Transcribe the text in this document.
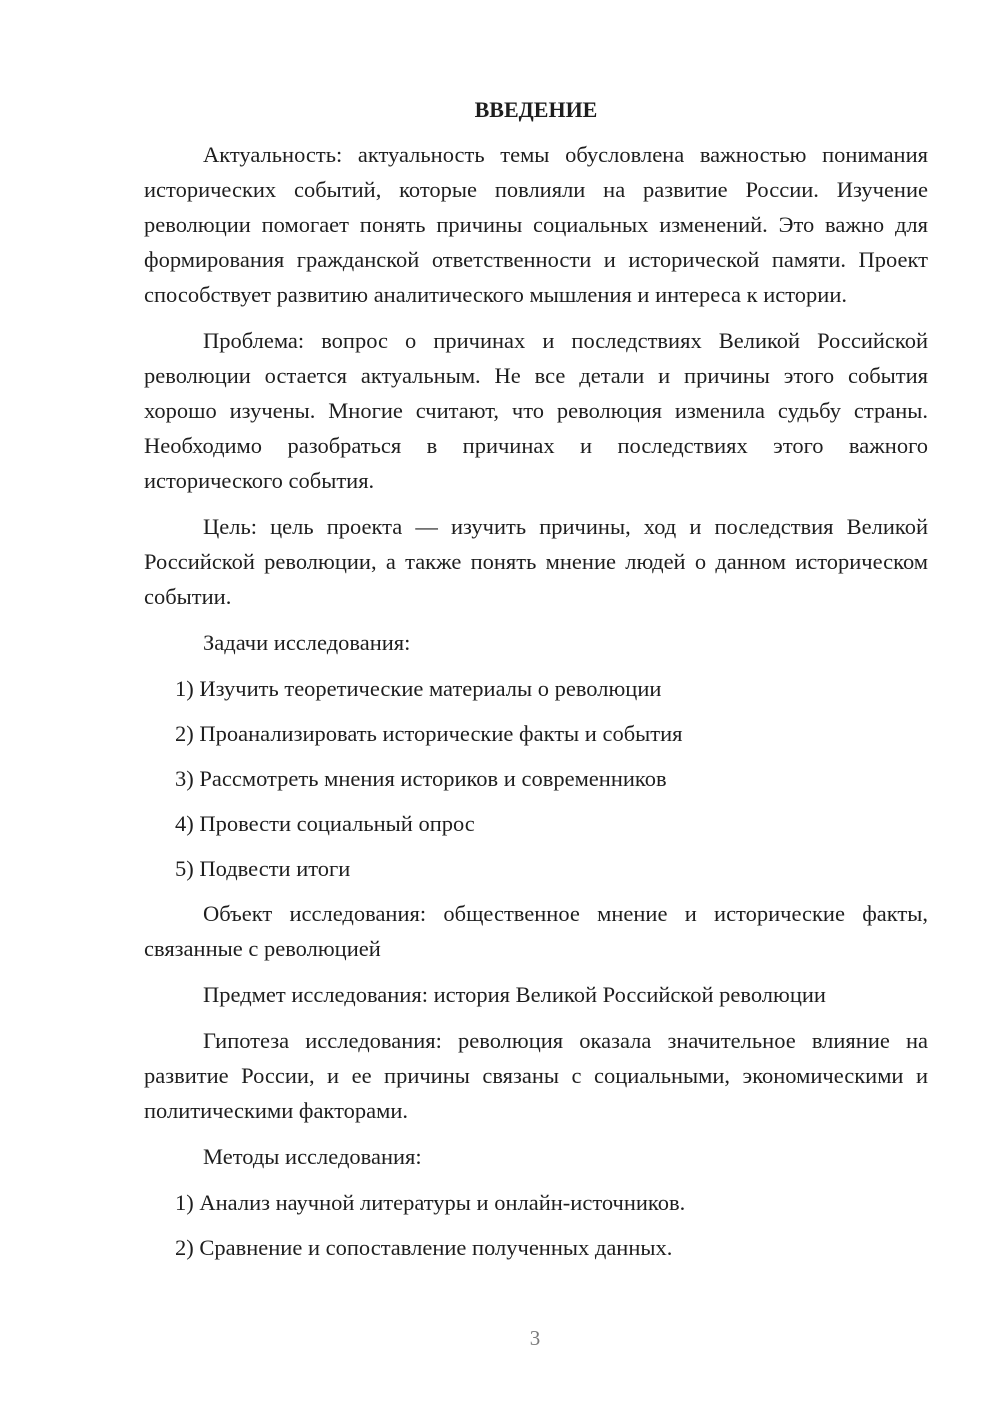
ВВЕДЕНИЕ

Актуальность: актуальность темы обусловлена важностью понимания исторических событий, которые повлияли на развитие России. Изучение революции помогает понять причины социальных изменений. Это важно для формирования гражданской ответственности и исторической памяти. Проект способствует развитию аналитического мышления и интереса к истории.

Проблема: вопрос о причинах и последствиях Великой Российской революции остается актуальным. Не все детали и причины этого события хорошо изучены. Многие считают, что революция изменила судьбу страны. Необходимо разобраться в причинах и последствиях этого важного исторического события.

Цель: цель проекта — изучить причины, ход и последствия Великой Российской революции, а также понять мнение людей о данном историческом событии.

Задачи исследования:
1) Изучить теоретические материалы о революции
2) Проанализировать исторические факты и события
3) Рассмотреть мнения историков и современников
4) Провести социальный опрос
5) Подвести итоги

Объект исследования: общественное мнение и исторические факты, связанные с революцией

Предмет исследования: история Великой Российской революции

Гипотеза исследования: революция оказала значительное влияние на развитие России, и ее причины связаны с социальными, экономическими и политическими факторами.

Методы исследования:
1) Анализ научной литературы и онлайн-источников.
2) Сравнение и сопоставление полученных данных.
3
